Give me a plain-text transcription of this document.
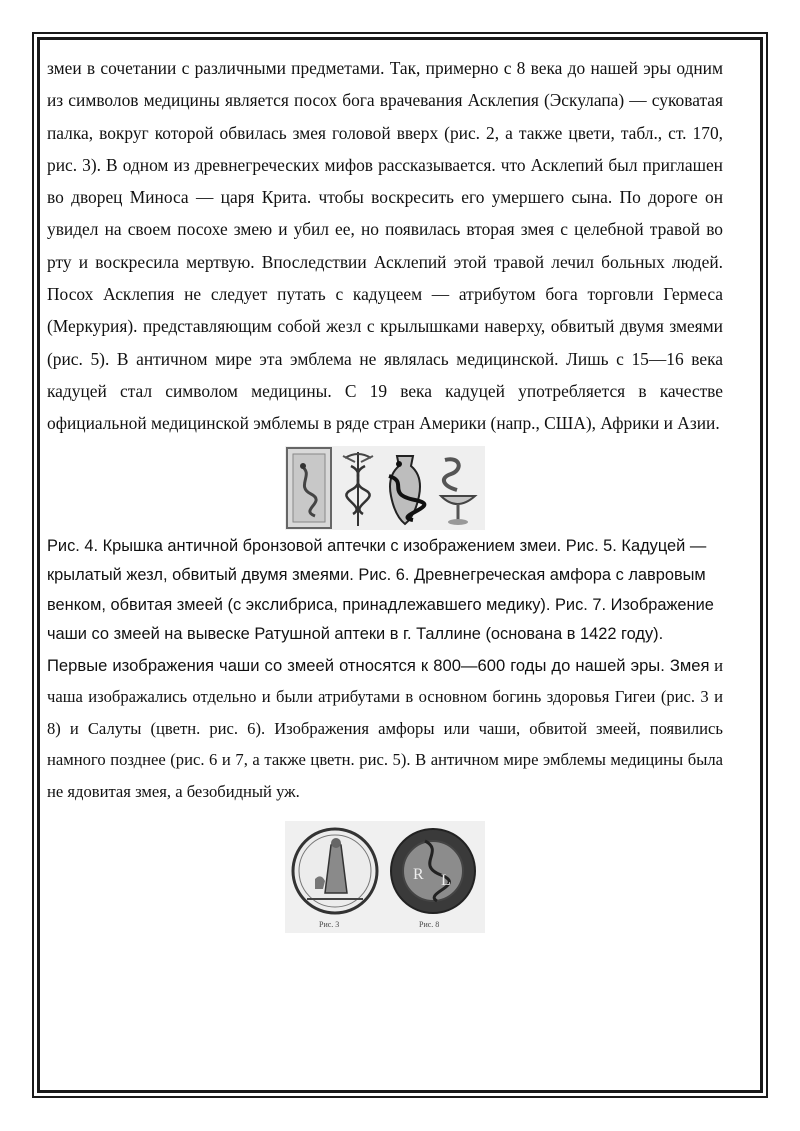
змеи в сочетании с различными предметами. Так, примерно с 8 века до нашей эры одним из символов медицины является посох бога врачевания Асклепия (Эскулапа) — суковатая палка, вокруг которой обвилась змея головой вверх (рис. 2, а также цвети, табл., ст. 170, рис. 3). В одном из древнегреческих мифов рассказывается. что Асклепий был приглашен во дворец Миноса — царя Крита. чтобы воскресить его умершего сына. По дороге он увидел на своем посохе змею и убил ее, но появилась вторая змея с целебной травой во рту и воскресила мертвую. Впоследствии Асклепий этой травой лечил больных людей. Посох Асклепия не следует путать с кадуцеем — атрибутом бога торговли Гермеса (Меркурия). представляющим собой жезл с крылышками наверху, обвитый двумя змеями (рис. 5). В античном мире эта эмблема не являлась медицинской. Лишь с 15—16 века кадуцей стал символом медицины. С 19 века кадуцей употребляется в качестве официальной медицинской эмблемы в ряде стран Америки (напр., США), Африки и Азии.

Рис. 4. Крышка античной бронзовой аптечки с изображением змеи. Рис. 5. Кадуцей — крылатый жезл, обвитый двумя змеями. Рис. 6. Древнегреческая амфора с лавровым венком, обвитая змеей (с экслибриса, принадлежавшего медику). Рис. 7. Изображение чаши со змеей на вывеске Ратушной аптеки в г. Таллине (основана в 1422 году).

Первые изображения чаши со змеей относятся к 800—600 годы до нашей эры. Змея и чаша изображались отдельно и были атрибутами в основном богинь здоровья Гигеи (рис. 3 и 8) и Салуты (цветн. рис. 6). Изображения амфоры или чаши, обвитой змеей, появились намного позднее (рис. 6 и 7, а также цветн. рис. 5). В античном мире эмблемы медицины была не ядовитая змея, а безобидный уж.

R L
Рис. 3	Рис. 8
